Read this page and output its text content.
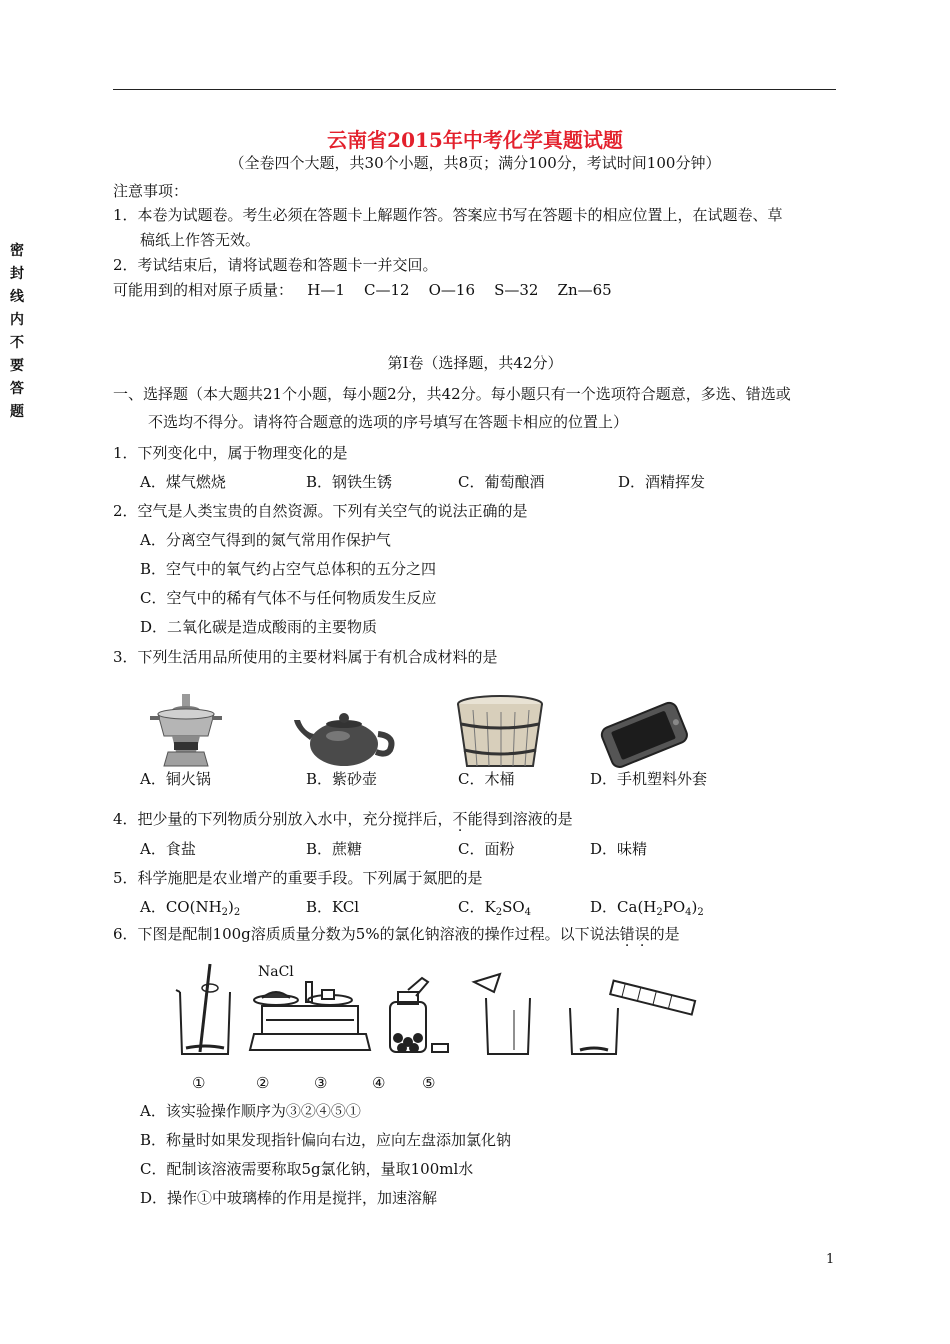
密
封
线
内
不
要
答
题
云南省2015年中考化学真题试题
（全卷四个大题，共30个小题，共8页；满分100分，考试时间100分钟）
注意事项：
1．本卷为试题卷。考生必须在答题卡上解题作答。答案应书写在答题卡的相应位置上，在试题卷、草
稿纸上作答无效。
2．考试结束后，请将试题卷和答题卡一并交回。
可能用到的相对原子质量：   H—1    C—12    O—16    S—32    Zn—65
第Ⅰ卷（选择题，共42分）
一、选择题（本大题共21个小题，每小题2分，共42分。每小题只有一个选项符合题意，多选、错选或
不选均不得分。请将符合题意的选项的序号填写在答题卡相应的位置上）
1．下列变化中，属于物理变化的是
A．煤气燃烧	B．钢铁生锈	C．葡萄酿酒	D．酒精挥发
2．空气是人类宝贵的自然资源。下列有关空气的说法正确的是
A．分离空气得到的氮气常用作保护气
B．空气中的氧气约占空气总体积的五分之四
C．空气中的稀有气体不与任何物质发生反应
D．二氧化碳是造成酸雨的主要物质
3．下列生活用品所使用的主要材料属于有机合成材料的是
A．铜火锅	B．紫砂壶	C．木桶	D．手机塑料外套
4．把少量的下列物质分别放入水中，充分搅拌后，不能得到溶液的是
A．食盐	B．蔗糖	C．面粉	D．味精
5．科学施肥是农业增产的重要手段。下列属于氮肥的是
A．$CO(NH_2)_2$	B．KCl	C．$K_2SO_4$	D．$Ca(H_2PO_4)_2$
6．下图是配制100g溶质质量分数为5%的氯化钠溶液的操作过程。以下说法错误的是
NaCl
①	②	③	④ ⑤
A．该实验操作顺序为③②④⑤①
B．称量时如果发现指针偏向右边，应向左盘添加氯化钠
C．配制该溶液需要称取5g氯化钠，量取100ml水
D．操作①中玻璃棒的作用是搅拌，加速溶解
1
